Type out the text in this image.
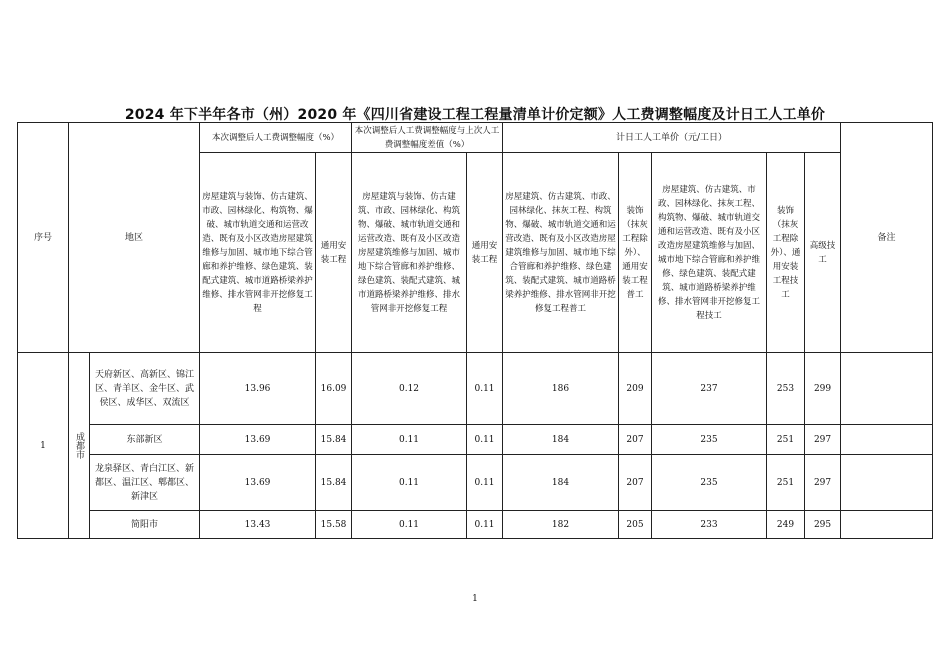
2024 年下半年各市（州）2020 年《四川省建设工程工程量清单计价定额》人工费调整幅度及计日工人工单价
序号	地区		本次调整后人工费调整幅度（%）		本次调整后人工费调整幅度与上次人工费调整幅度差值（%）		计日工人工单价（元/工日）					备注
			房屋建筑与装饰、仿古建筑、市政、园林绿化、构筑物、爆破、城市轨道交通和运营改造、既有及小区改造房屋建筑维修与加固、城市地下综合管廊和养护维修、绿色建筑、装配式建筑、城市道路桥梁养护维修、排水管网非开挖修复工程	通用安装工程	房屋建筑与装饰、仿古建筑、市政、园林绿化、构筑物、爆破、城市轨道交通和运营改造、既有及小区改造房屋建筑维修与加固、城市地下综合管廊和养护维修、绿色建筑、装配式建筑、城市道路桥梁养护维修、排水管网非开挖修复工程	通用安装工程	房屋建筑、仿古建筑、市政、园林绿化、抹灰工程、构筑物、爆破、城市轨道交通和运营改造、既有及小区改造房屋建筑维修与加固、城市地下综合管廊和养护维修、绿色建筑、装配式建筑、城市道路桥梁养护维修、排水管网非开挖修复工程普工	装饰（抹灰工程除外）、通用安装工程普工	房屋建筑、仿古建筑、市政、园林绿化、抹灰工程、构筑物、爆破、城市轨道交通和运营改造、既有及小区改造房屋建筑维修与加固、城市地下综合管廊和养护维修、绿色建筑、装配式建筑、城市道路桥梁养护维修、排水管网非开挖修复工程技工	装饰（抹灰工程除外）、通用安装工程技工	高级技工	
1	成都市	天府新区、高新区、锦江区、青羊区、金牛区、武侯区、成华区、双流区	13.96	16.09	0.12	0.11	186	209	237	253	299	
		东部新区	13.69	15.84	0.11	0.11	184	207	235	251	297	
		龙泉驿区、青白江区、新都区、温江区、郫都区、新津区	13.69	15.84	0.11	0.11	184	207	235	251	297	
		简阳市	13.43	15.58	0.11	0.11	182	205	233	249	295	
1
